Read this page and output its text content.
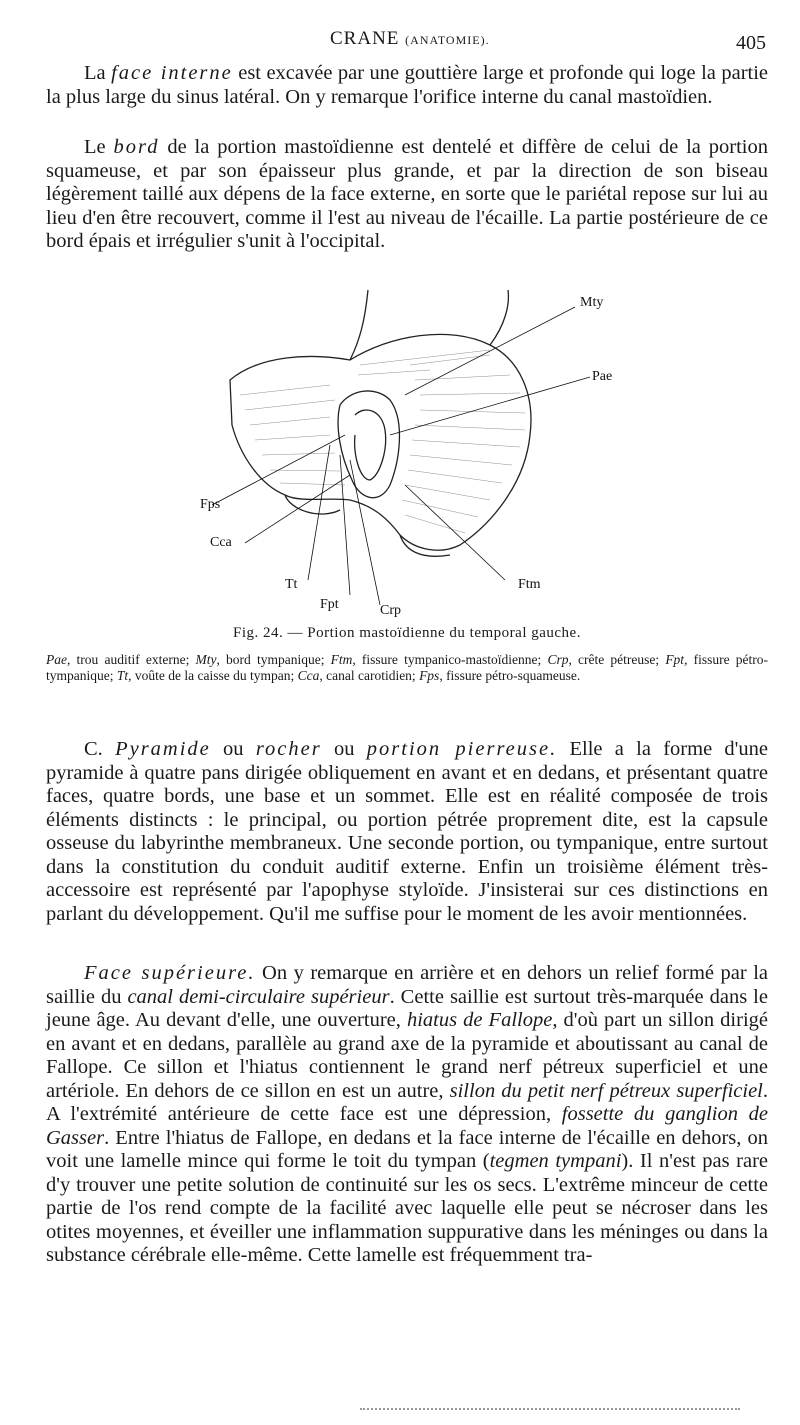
CRANE (ANATOMIE).	405

La face interne est excavée par une gouttière large et profonde qui loge la partie la plus large du sinus latéral. On y remarque l'orifice interne du canal mastoïdien.

Le bord de la portion mastoïdienne est dentelé et diffère de celui de la portion squameuse, et par son épaisseur plus grande, et par la direction de son biseau légèrement taillé aux dépens de la face externe, en sorte que le pariétal repose sur lui au lieu d'en être recouvert, comme il l'est au niveau de l'écaille. La partie postérieure de ce bord épais et irrégulier s'unit à l'occipital.

Mty
Pae
Fps
Cca
Tt
Fpt	Crp
Ftm
Fig. 24. — Portion mastoïdienne du temporal gauche.
Pae, trou auditif externe; Mty, bord tympanique; Ftm, fissure tympanico-mastoïdienne; Crp, crête pétreuse; Fpt, fissure pétro-tympanique; Tt, voûte de la caisse du tympan; Cca, canal carotidien; Fps, fissure pétro-squameuse.

C. Pyramide ou rocher ou portion pierreuse. Elle a la forme d'une pyramide à quatre pans dirigée obliquement en avant et en dedans, et présentant quatre faces, quatre bords, une base et un sommet. Elle est en réalité composée de trois éléments distincts : le principal, ou portion pétrée proprement dite, est la capsule osseuse du labyrinthe membraneux. Une seconde portion, ou tympanique, entre surtout dans la constitution du conduit auditif externe. Enfin un troisième élément très-accessoire est représenté par l'apophyse styloïde. J'insisterai sur ces distinctions en parlant du développement. Qu'il me suffise pour le moment de les avoir mentionnées.

Face supérieure. On y remarque en arrière et en dehors un relief formé par la saillie du canal demi-circulaire supérieur. Cette saillie est surtout très-marquée dans le jeune âge. Au devant d'elle, une ouverture, hiatus de Fallope, d'où part un sillon dirigé en avant et en dedans, parallèle au grand axe de la pyramide et aboutissant au canal de Fallope. Ce sillon et l'hiatus contiennent le grand nerf pétreux superficiel et une artériole. En dehors de ce sillon en est un autre, sillon du petit nerf pétreux superficiel. A l'extrémité antérieure de cette face est une dépression, fossette du ganglion de Gasser. Entre l'hiatus de Fallope, en dedans et la face interne de l'écaille en dehors, on voit une lamelle mince qui forme le toit du tympan (tegmen tympani). Il n'est pas rare d'y trouver une petite solution de continuité sur les os secs. L'extrême minceur de cette partie de l'os rend compte de la facilité avec laquelle elle peut se nécroser dans les otites moyennes, et éveiller une inflammation suppurative dans les méninges ou dans la substance cérébrale elle-même. Cette lamelle est fréquemment tra-
